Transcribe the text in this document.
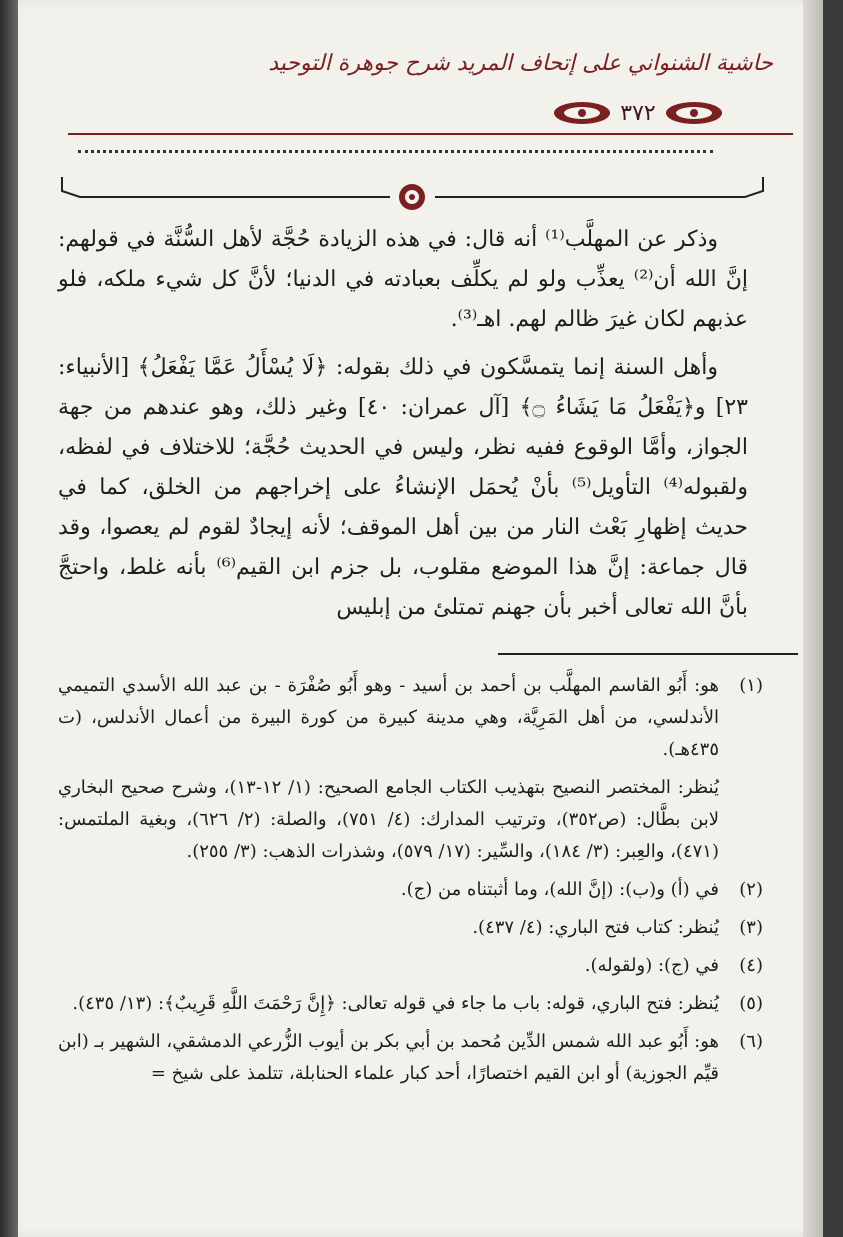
حاشية الشنواني على إتحاف المريد شرح جوهرة التوحيد
٣٧٢

وذكر عن المهلَّب⁽¹⁾ أنه قال: في هذه الزيادة حُجَّة لأهل السُّنَّة في قولهم: إنَّ الله أن⁽²⁾ يعذِّب ولو لم يكلِّف بعبادته في الدنيا؛ لأنَّ كل شيء ملكه، فلو عذبهم لكان غيرَ ظالم لهم. اهـ⁽³⁾.

وأهل السنة إنما يتمسَّكون في ذلك بقوله: ﴿لَا يُسْأَلُ عَمَّا يَفْعَلُ﴾ [الأنبياء: ٢٣] و﴿يَفْعَلُ مَا يَشَاءُ ۝﴾ [آل عمران: ٤٠] وغير ذلك، وهو عندهم من جهة الجواز، وأمَّا الوقوع ففيه نظر، وليس في الحديث حُجَّة؛ للاختلاف في لفظه، ولقبوله⁽⁴⁾ التأويل⁽⁵⁾ بأنْ يُحمَل الإنشاءُ على إخراجهم من الخلق، كما في حديث إظهارِ بَعْث النار من بين أهل الموقف؛ لأنه إيجادٌ لقوم لم يعصوا، وقد قال جماعة: إنَّ هذا الموضع مقلوب، بل جزم ابن القيم⁽⁶⁾ بأنه غلط، واحتجَّ بأنَّ الله تعالى أخبر بأن جهنم تمتلئ من إبليس

(١)
هو: أَبُو القاسم المهلَّب بن أحمد بن أسيد - وهو أَبُو صُفْرَة - بن عبد الله الأسدي التميمي الأندلسي، من أهل المَرِيَّة، وهي مدينة كبيرة من كورة البيرة من أعمال الأندلس، (ت ٤٣٥هـ).
يُنظر: المختصر النصيح بتهذيب الكتاب الجامع الصحيح: (١/ ١٢-١٣)، وشرح صحيح البخاري لابن بطَّال: (ص٣٥٢)، وترتيب المدارك: (٤/ ٧٥١)، والصلة: (٢/ ٦٢٦)، وبغية الملتمس: (٤٧١)، والعِبر: (٣/ ١٨٤)، والسِّير: (١٧/ ٥٧٩)، وشذرات الذهب: (٣/ ٢٥٥).
(٢)
في (أ) و(ب): (إنَّ الله)، وما أثبتناه من (ج).
(٣)
يُنظر: كتاب فتح الباري: (٤/ ٤٣٧).
(٤)
في (ج): (ولقوله).
(٥)
يُنظر: فتح الباري، قوله: باب ما جاء في قوله تعالى: ﴿إِنَّ رَحْمَتَ اللَّهِ قَرِيبٌ﴾: (١٣/ ٤٣٥).
(٦)
هو: أَبُو عبد الله شمس الدِّين مُحمد بن أبي بكر بن أيوب الزُّرعي الدمشقي، الشهير بـ (ابن قيِّم الجوزية) أو ابن القيم اختصارًا، أحد كبار علماء الحنابلة، تتلمذ على شيخ =
